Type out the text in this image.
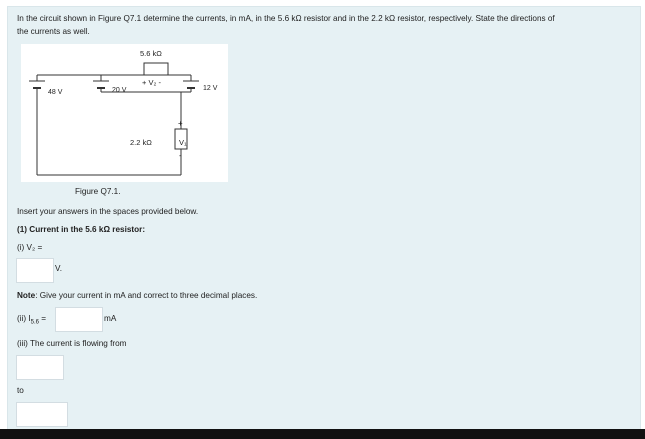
In the circuit shown in Figure Q7.1 determine the currents, in mA, in the 5.6 kΩ resistor and in the 2.2 kΩ resistor, respectively. State the directions of
the currents as well.
5.6 kΩ
+ V₂ -
48 V	20 V	12 V
2.2 kΩ
+
V₁
-
Figure Q7.1.
Insert your answers in the spaces provided below.
(1) Current in the 5.6 kΩ resistor:
(i) V₂ =
V.
Note: Give your current in mA and correct to three decimal places.
(ii) $I_{5.6}$ =	mA
(iii) The current is flowing from
to
